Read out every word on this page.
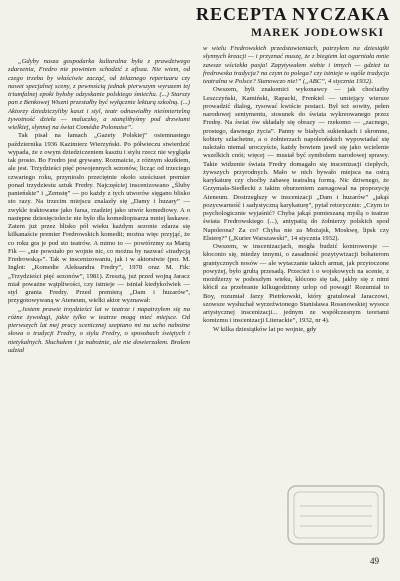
RECEPTA NYCZAKA
MAREK JODŁOWSKI

„Gdyby nasza gospodarka kulturalna była z prawdziwego zdarzenia, Fredro nie powinien schodzić z afisza. Nie wiem, od czego trzeba by właściwie zacząć, od żelaznego repertuaru czy nawet specjalnej sceny, z pewnością jednak pierwszym wyrazem tej triumfalnej epoki byłoby odzyskanie polskiego śmiechu. (...) Starszy pan z Benkowej Wiszni przestałby być wyłącznie lekturą szkolną. (...) Aktorzy dziedziczyliby kaszt i styl, teatr odnawiałby nieśmiertelną żywotność dzieła — maluczko, a stanęlibyśmy pod drzwiami wielkiej, słynnej na świat Comédie Polonaise”.

Tak pisał na łamach „Gazety Polskiej” osiemnastego października 1936 Kazimierz Wierzyński. Po półwieczu stwierdzić wypada, że z owym dziedziczeniem kasztu i stylu rzecz nie wygląda tak prosto. Bo Fredro jest grywany. Rozmaicie, z różnym skutkiem, ale jest. Trzydzieści pięć powojennych sezonów, licząc od trzeciego czwartego roku, przyniosło przeciętnie około sześciuset premier ponad trzydziestu sztuk Fredry. Najczęściej inscenizowano „Śluby panieńskie” i „Zemstę” — po każdy z tych utworów sięgano blisko sto razy. Na trzecim miejscu znalazły się „Damy i huzary” — zwykle traktowane jako farsa, rzadziej jako utwór komediowy. A o następne dziesięciolecie nie było dla komediopisarza mniej łaskawe. Zatem już przez blisko pół wieku każdym sezonie zdarza się kilkanaście premier Fredrowskich komedii; można więc przyjąć, że co roku gra je pod sto teatrów. A mimo to — powtórzmy za Martą Fik — „nie powstało po wojnie nic, co można by nazwać «tradycją Fredrowską»”. Tak w inscenizowaniu, jak i w aktorstwie (por. M. Inglot: „Komedie Aleksandra Fredry”, 1978 oraz M. Fik: „Trzydzieści pięć sezonów”, 1981). Zresztą, już przed wojną Jaracz miał poważne wątpliwości, czy istnieje — istniał kiedykolwiek — styl grania Fredry. Przed premierą „Dam i huzarów”, przygotowywaną w Ateneum, wielki aktor wyznawał:

„Jestem prawie trzydzieści lat w teatrze i napatrzyłem się na różne żywołagi, jakie tylko w teatrze mogą mieć miejsce. Od pierwszych lat mej pracy scenicznej szeptano mi na ucho nabożne słowa o tradycji Fredry, o stylu Fredry, o sposobach świętych i nietykalnych. Słuchałem i ja nabożnie, ale nie dowierzałem. Brałem udział

w wielu Fredrowskich przedstawieniach, patrzyłem na dziesiątki słynnych kreacji — i przyznać muszę, że z biegiem lat ogarniała mnie zawsze wściekła pasja! Zapytywałem siebie i innych — gdzież ta fredrowska tradycja? na czym to polega? czy istnieje w ogóle tradycja teatralna w Polsce? Stanowczo nie!” („ABC”, 4 stycznia 1932).

Owszem, byli znakomici wykonawcy — jak choćiażby Leszczyński, Kamiński, Rapacki, Frenkiel — umiejący wiersze prowadzić dialog, rysować kwiście postaci. Był też sowity, pełen narodowej sentymentu, stosunek do świata wykreowanego przez Fredrę. Na świat ów składały się obrazy — rzekomo — „zacnego, prostego, dawnego życia”. Panny w białych sukienkach i skromne, kobiety szlachetne, a o żołnierzach napoleońskich wypowiadać się należało niemal uroczyście, każdy bowiem jawił się jako wcielenie wszelkich cnót; więcej — musiał być symbolem narodowej sprawy. Takie widzenie świata Fredry domagało się inscenizacji ciepłych, żywszych przyrodnych. Mało w nich bywało miejsca na ostrą karykaturę czy choćby żabawę teatralną formą. Nic dziwnego, że Grzymała-Siedlecki z takim oburzeniem zareagował na propozycję Ateneum. Dostrzegłszy w inscenizacji „Dam i huzarów” „jakąś pozycwarność i sadystyczną karykaturę”, pytał retorycznie: „Czym to psychologicznie wyjaśnić? Chyba jakąś pomieszaną myślą o teatrze świata Fredrowskiego (...), antypatią do żołnierzy polskich spod Napoleona? Za co? Chyba nie za Możajsk, Moskwę, lipsk czy Elsterę?” („Kurier Warszawski”, 14 stycznia 1932).

Owszem, w inscenizacjach, mogła budzić kontrowersje — kłoconio się, miedzy innymi, o zasadność pozytywizacji bohaterom grantycznych nosów — ale wytaczanie takich armat, jak przytoczone powyżej, było grubą przesadą. Przecież i o wojskowych na scenie, z możdżerzy w podeszłym wieku, kłócono się tak, jakby się z nimi kłócił za przebranie kilkugodzinny urlop od powagi! Rozumiał to Boy, rozumiał Jarzy Pietrkowski, który gratulował Jaraczowi, szowsze wysłuchał wyrzeźwionego Stanisława Rossnowskiej wysoce artystycznej inscenizacji... jednym ze współczesnym teoriami komizmu i inscenizacji Literackie”, 1932, nr 4).

W kilka dziesiątków lat po wojnie, gdy

49
